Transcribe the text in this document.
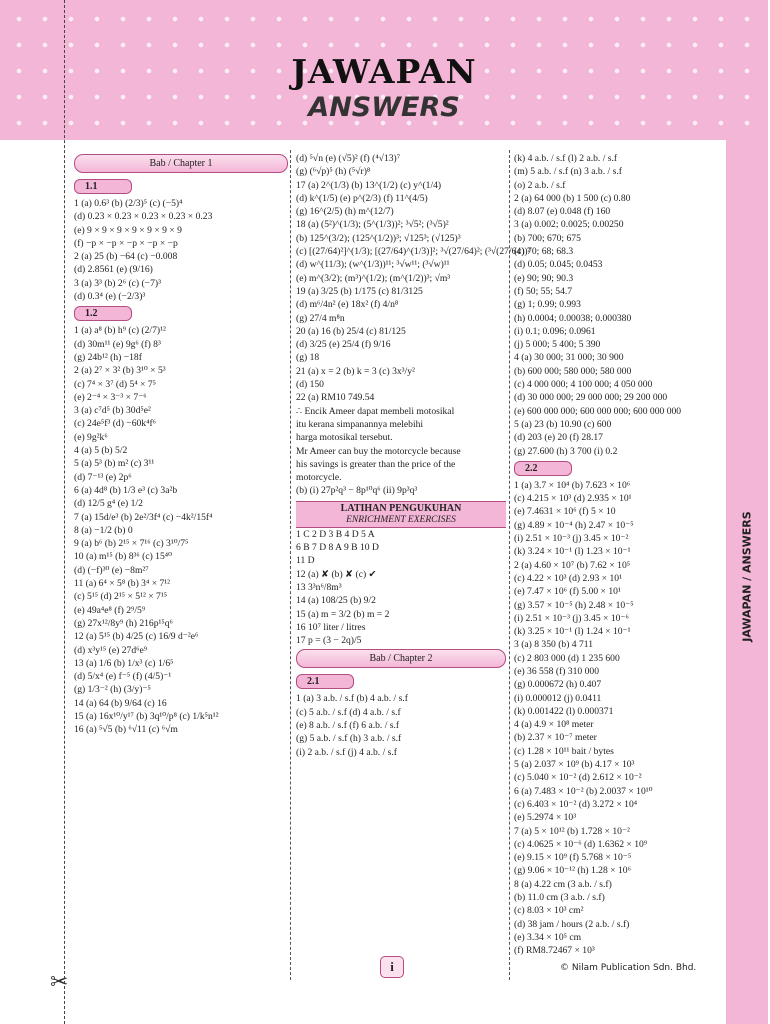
JAWAPAN
ANSWERS
JAWAPAN / ANSWERS
Bab / Chapter 1
1.1
1 (a) 0.6³ (b) (2/3)⁵ (c) (−5)⁴
(d) 0.23 × 0.23 × 0.23 × 0.23 × 0.23
(e) 9 × 9 × 9 × 9 × 9 × 9 × 9
(f) −p × −p × −p × −p × −p
2 (a) 25 (b) −64 (c) −0.008
(d) 2.8561 (e) (9/16)
3 (a) 3³ (b) 2⁶ (c) (−7)³
(d) 0.3⁴ (e) (−2/3)³
1.2
1 (a) a⁸ (b) h⁹ (c) (2/7)¹²
(d) 30m¹¹ (e) 9g⁶ (f) 8³
(g) 24b¹² (h) −18f
2 (a) 2⁷ × 3² (b) 3¹⁰ × 5³
(c) 7⁴ × 3⁷ (d) 5⁴ × 7⁵
(e) 2⁻⁴ × 3⁻³ × 7⁻⁶
3 (a) c⁷d⁵ (b) 30d⁵e²
(c) 24e⁵f³ (d) −60k⁴f⁶
(e) 9g²k⁶
4 (a) 5 (b) 5/2
5 (a) 5³ (b) m² (c) 3¹¹
(d) 7⁻¹³ (e) 2p⁶
6 (a) 4d⁸ (b) 1/3 e³ (c) 3a²b
(d) 12/5 g⁴ (e) 1/2
7 (a) 15d/e³ (b) 2e²/3f⁴ (c) −4k²/15f⁴
8 (a) −1/2 (b) 0
9 (a) b⁶ (b) 2¹⁵ × 7¹⁶ (c) 3¹⁰/7⁵
10 (a) m¹⁵ (b) 8³⁶ (c) 15⁴⁰
(d) (−f)³⁰ (e) −8m²⁷
11 (a) 6⁴ × 5⁸ (b) 3⁴ × 7¹²
(c) 5¹⁵ (d) 2¹⁵ × 5¹² × 7¹⁵
(e) 49a⁴e⁸ (f) 2⁹/5⁹
(g) 27x¹²/8y⁹ (h) 216p¹⁵q⁶
12 (a) 5¹⁵ (b) 4/25 (c) 16/9 d⁻²e⁶
(d) x³y¹⁵ (e) 27d⁶e⁹
13 (a) 1/6 (b) 1/x³ (c) 1/6⁵
(d) 5/x⁴ (e) f⁻⁵ (f) (4/5)⁻¹
(g) 1/3⁻² (h) (3/y)⁻⁵
14 (a) 64 (b) 9/64 (c) 16
15 (a) 16x¹⁰/y¹⁷ (b) 3q¹⁰/p⁸ (c) 1/k⁵n¹²
16 (a) ⁵√5 (b) ⁶√11 (c) ⁶√m
(d) ⁵√n (e) (√5)² (f) (⁴√13)⁷
(g) (⁶√p)⁵ (h) (⁵√r)⁸
17 (a) 2^(1/3) (b) 13^(1/2) (c) y^(1/4)
(d) k^(1/5) (e) p^(2/3) (f) 11^(4/5)
(g) 16^(2/5) (h) m^(12/7)
18 (a) (5²)^(1/3); (5^(1/3))²; ³√5²; (³√5)²
(b) 125^(3/2); (125^(1/2))³; √125³; (√125)³
(c) [(27/64)²]^(1/3); [(27/64)^(1/3)]²; ³√(27/64)²; (³√(27/64))²
(d) w^(11/3); (w^(1/3))¹¹; ³√w¹¹; (³√w)¹¹
(e) m^(3/2); (m³)^(1/2); (m^(1/2))³; √m³
19 (a) 3/25 (b) 1/175 (c) 81/3125
(d) m⁶/4n² (e) 18x² (f) 4/n⁸
(g) 27/4 m⁸n
20 (a) 16 (b) 25/4 (c) 81/125
(d) 3/25 (e) 25/4 (f) 9/16
(g) 18
21 (a) x = 2 (b) k = 3 (c) 3x³/y²
(d) 150
22 (a) RM10 749.54
∴ Encik Ameer dapat membeli motosikal
itu kerana simpanannya melebihi
harga motosikal tersebut.
Mr Ameer can buy the motorcycle because
his savings is greater than the price of the
motorcycle.
(b) (i) 27p²q³ − 8p¹⁰q⁶ (ii) 9p³q³
LATIHAN PENGUKUHAN
ENRICHMENT EXERCISES
1 C 2 D 3 B 4 D 5 A
6 B 7 D 8 A 9 B 10 D
11 D
12 (a) ✘ (b) ✘ (c) ✔
13 3³n⁶/8m³
14 (a) 108/25 (b) 9/2
15 (a) m = 3/2 (b) m = 2
16 10⁷ liter / litres
17 p = (3 − 2q)/5
Bab / Chapter 2
2.1
1 (a) 3 a.b. / s.f (b) 4 a.b. / s.f
(c) 5 a.b. / s.f (d) 4 a.b. / s.f
(e) 8 a.b. / s.f (f) 6 a.b. / s.f
(g) 5 a.b. / s.f (h) 3 a.b. / s.f
(i) 2 a.b. / s.f (j) 4 a.b. / s.f
(k) 4 a.b. / s.f (l) 2 a.b. / s.f
(m) 5 a.b. / s.f (n) 3 a.b. / s.f
(o) 2 a.b. / s.f
2 (a) 64 000 (b) 1 500 (c) 0.80
(d) 8.07 (e) 0.048 (f) 160
3 (a) 0.002; 0.0025; 0.00250
(b) 700; 670; 675
(c) 70; 68; 68.3
(d) 0.05; 0.045; 0.0453
(e) 90; 90; 90.3
(f) 50; 55; 54.7
(g) 1; 0.99; 0.993
(h) 0.0004; 0.00038; 0.000380
(i) 0.1; 0.096; 0.0961
(j) 5 000; 5 400; 5 390
4 (a) 30 000; 31 000; 30 900
(b) 600 000; 580 000; 580 000
(c) 4 000 000; 4 100 000; 4 050 000
(d) 30 000 000; 29 000 000; 29 200 000
(e) 600 000 000; 600 000 000; 600 000 000
5 (a) 23 (b) 10.90 (c) 600
(d) 203 (e) 20 (f) 28.17
(g) 27.600 (h) 3 700 (i) 0.2
2.2
1 (a) 3.7 × 10⁴ (b) 7.623 × 10⁶
(c) 4.215 × 10³ (d) 2.935 × 10¹
(e) 7.4631 × 10⁶ (f) 5 × 10
(g) 4.89 × 10⁻⁴ (h) 2.47 × 10⁻⁵
(i) 2.51 × 10⁻³ (j) 3.45 × 10⁻²
(k) 3.24 × 10⁻¹ (l) 1.23 × 10⁻¹
2 (a) 4.60 × 10⁷ (b) 7.62 × 10⁵
(c) 4.22 × 10³ (d) 2.93 × 10¹
(e) 7.47 × 10⁶ (f) 5.00 × 10¹
(g) 3.57 × 10⁻⁵ (h) 2.48 × 10⁻⁵
(i) 2.51 × 10⁻³ (j) 3.45 × 10⁻⁶
(k) 3.25 × 10⁻¹ (l) 1.24 × 10⁻¹
3 (a) 8 350 (b) 4 711
(c) 2 803 000 (d) 1 235 600
(e) 36 558 (f) 310 000
(g) 0.000672 (h) 0.407
(i) 0.000012 (j) 0.0411
(k) 0.001422 (l) 0.000371
4 (a) 4.9 × 10⁸ meter
(b) 2.37 × 10⁻⁷ meter
(c) 1.28 × 10¹¹ bait / bytes
5 (a) 2.037 × 10⁹ (b) 4.17 × 10³
(c) 5.040 × 10⁻² (d) 2.612 × 10⁻²
6 (a) 7.483 × 10⁻² (b) 2.0037 × 10¹⁰
(c) 6.403 × 10⁻² (d) 3.272 × 10⁴
(e) 5.2974 × 10³
7 (a) 5 × 10¹² (b) 1.728 × 10⁻²
(c) 4.0625 × 10⁻⁶ (d) 1.6362 × 10⁹
(e) 9.15 × 10⁹ (f) 5.768 × 10⁻⁵
(g) 9.06 × 10⁻¹² (h) 1.28 × 10⁶
8 (a) 4.22 cm (3 a.b. / s.f)
(b) 11.0 cm (3 a.b. / s.f)
(c) 8.03 × 10³ cm²
(d) 38 jam / hours (2 a.b. / s.f)
(e) 3.34 × 10⁵ cm
(f) RM8.72467 × 10³
✂
i	© Nilam Publication Sdn. Bhd.
